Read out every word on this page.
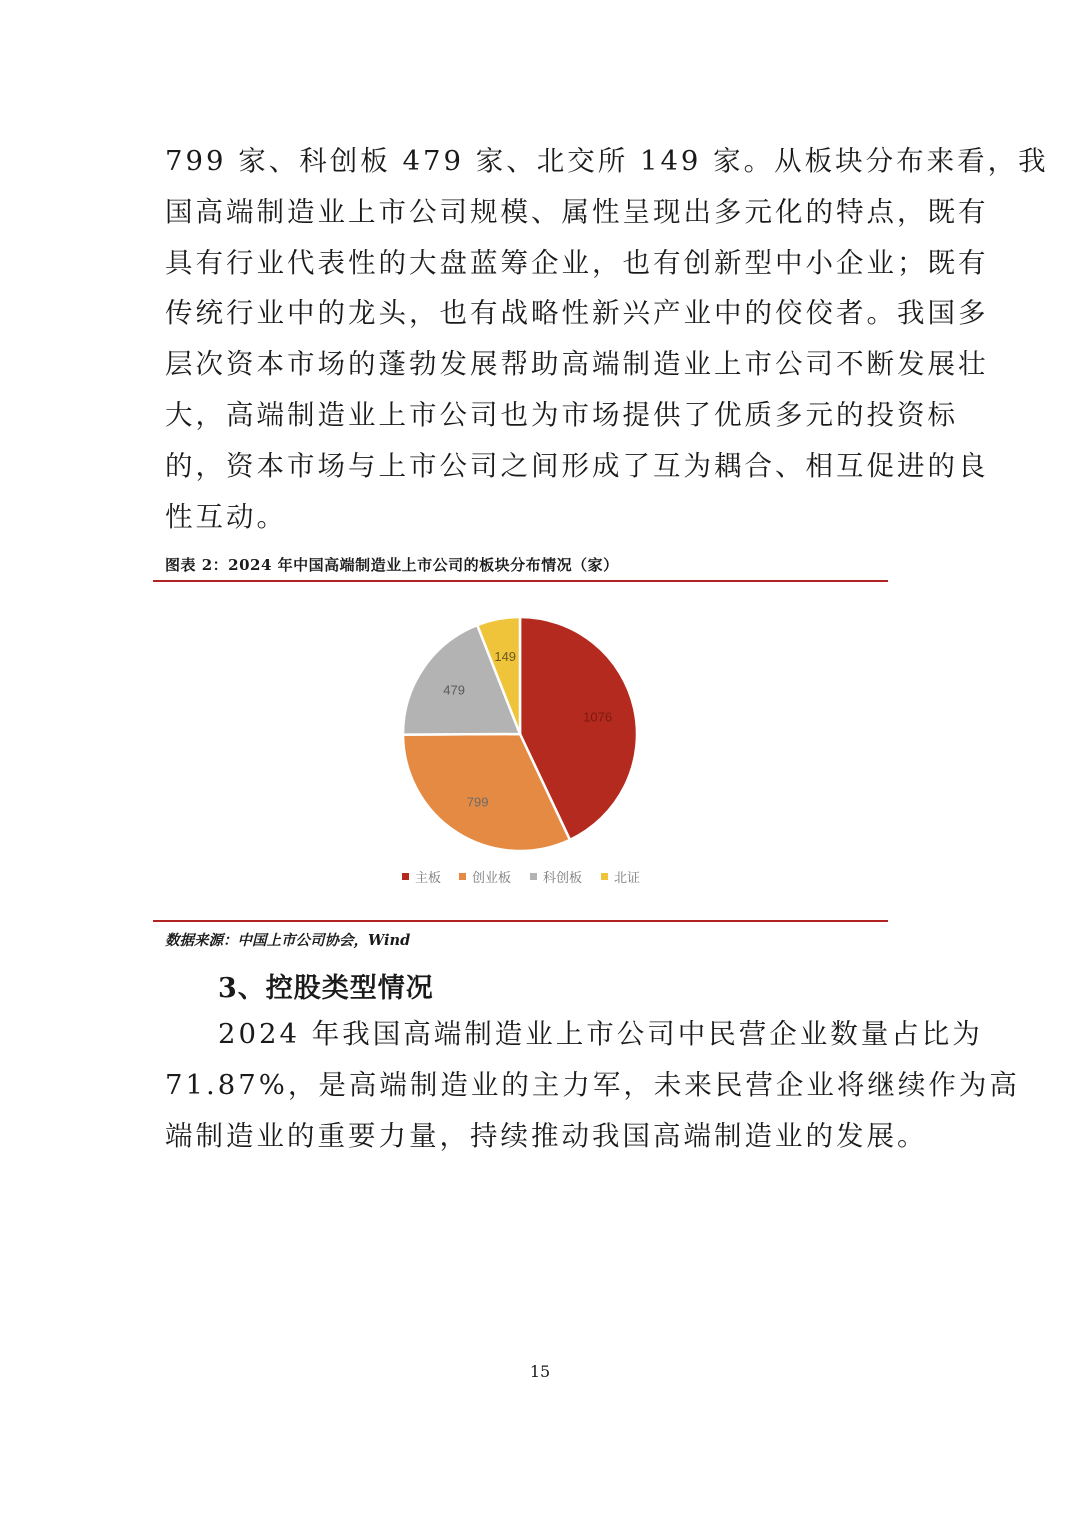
799 家、科创板 479 家、北交所 149 家。从板块分布来看，我
国高端制造业上市公司规模、属性呈现出多元化的特点，既有
具有行业代表性的大盘蓝筹企业，也有创新型中小企业；既有
传统行业中的龙头，也有战略性新兴产业中的佼佼者。我国多
层次资本市场的蓬勃发展帮助高端制造业上市公司不断发展壮
大，高端制造业上市公司也为市场提供了优质多元的投资标
的，资本市场与上市公司之间形成了互为耦合、相互促进的良
性互动。

图表 2：2024 年中国高端制造业上市公司的板块分布情况（家）

1076
799
479
149
主板 创业板 科创板 北证

数据来源：中国上市公司协会，Wind

3、控股类型情况
2024 年我国高端制造业上市公司中民营企业数量占比为
71.87%，是高端制造业的主力军，未来民营企业将继续作为高
端制造业的重要力量，持续推动我国高端制造业的发展。
15
